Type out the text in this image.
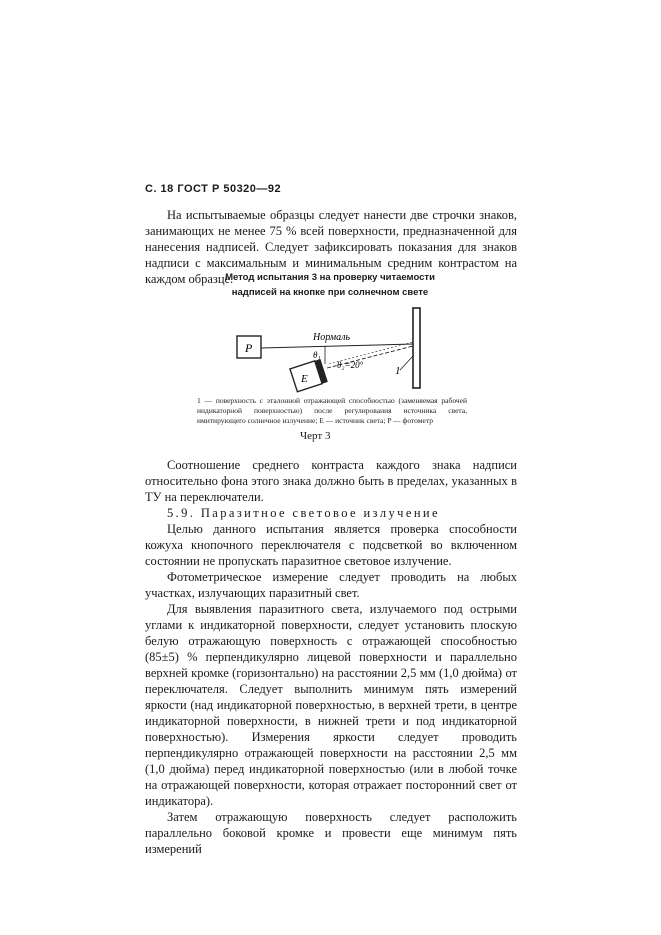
С. 18 ГОСТ Р 50320—92

На испытываемые образцы следует нанести две строчки знаков, занимающих не менее 75 % всей поверхности, предназначенной для нанесения надписей. Следует зафиксировать показания для знаков надписи с максимальным и минимальным средним контрастом на каждом образце.

Метод испытания 3 на проверку читаемости
надписей на кнопке при солнечном свете
P
Нормаль
E
θ₁
θ₂=20°	1
1 — поверхность с эталонной отражающей способностью (заменяемая рабочей индикаторной поверхностью) после регулирования источника света, имитирующего солнечное излучение; E — источник света; P — фотометр
Черт 3

Соотношение среднего контраста каждого знака надписи относительно фона этого знака должно быть в пределах, указанных в ТУ на переключатели.

5.9. Паразитное световое излучение

Целью данного испытания является проверка способности кожуха кнопочного переключателя с подсветкой во включенном состоянии не пропускать паразитное световое излучение.

Фотометрическое измерение следует проводить на любых участках, излучающих паразитный свет.

Для выявления паразитного света, излучаемого под острыми углами к индикаторной поверхности, следует установить плоскую белую отражающую поверхность с отражающей способностью (85±5) % перпендикулярно лицевой поверхности и параллельно верхней кромке (горизонтально) на расстоянии 2,5 мм (1,0 дюйма) от переключателя. Следует выполнить минимум пять измерений яркости (над индикаторной поверхностью, в верхней трети, в центре индикаторной поверхности, в нижней трети и под индикаторной поверхностью). Измерения яркости следует проводить перпендикулярно отражающей поверхности на расстоянии 2,5 мм (1,0 дюйма) перед индикаторной поверхностью (или в любой точке на отражающей поверхности, которая отражает посторонний свет от индикатора).

Затем отражающую поверхность следует расположить параллельно боковой кромке и провести еще минимум пять измерений
